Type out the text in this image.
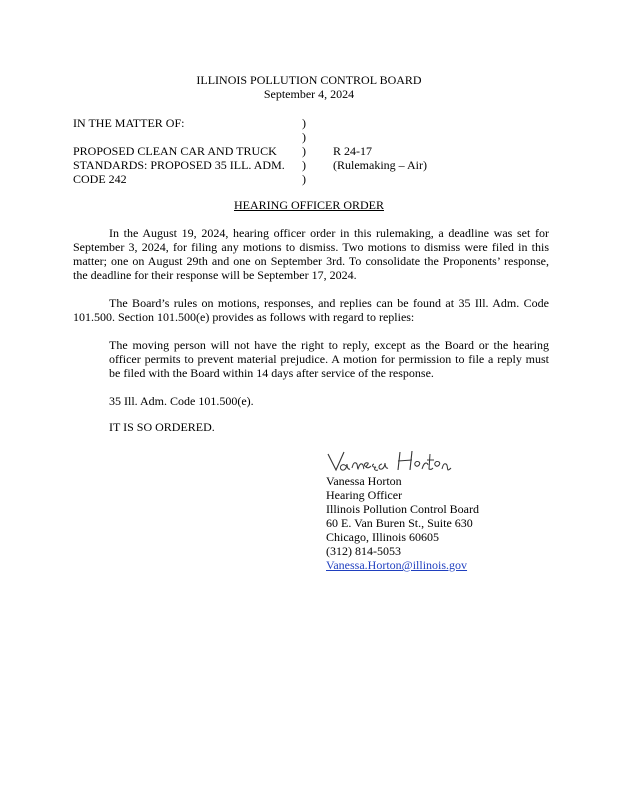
ILLINOIS POLLUTION CONTROL BOARD
September 4, 2024
IN THE MATTER OF:
PROPOSED CLEAN CAR AND TRUCK
STANDARDS: PROPOSED 35 ILL. ADM.
CODE 242
)
)
)
)
)
R 24-17
(Rulemaking – Air)
HEARING OFFICER ORDER
In the August 19, 2024, hearing officer order in this rulemaking, a deadline was set for September 3, 2024, for filing any motions to dismiss. Two motions to dismiss were filed in this matter; one on August 29th and one on September 3rd. To consolidate the Proponents’ response, the deadline for their response will be September 17, 2024.
The Board’s rules on motions, responses, and replies can be found at 35 Ill. Adm. Code 101.500. Section 101.500(e) provides as follows with regard to replies:
The moving person will not have the right to reply, except as the Board or the hearing officer permits to prevent material prejudice. A motion for permission to file a reply must be filed with the Board within 14 days after service of the response.
35 Ill. Adm. Code 101.500(e).
IT IS SO ORDERED.
Vanessa Horton
Hearing Officer
Illinois Pollution Control Board
60 E. Van Buren St., Suite 630
Chicago, Illinois 60605
(312) 814-5053
Vanessa.Horton@illinois.gov
